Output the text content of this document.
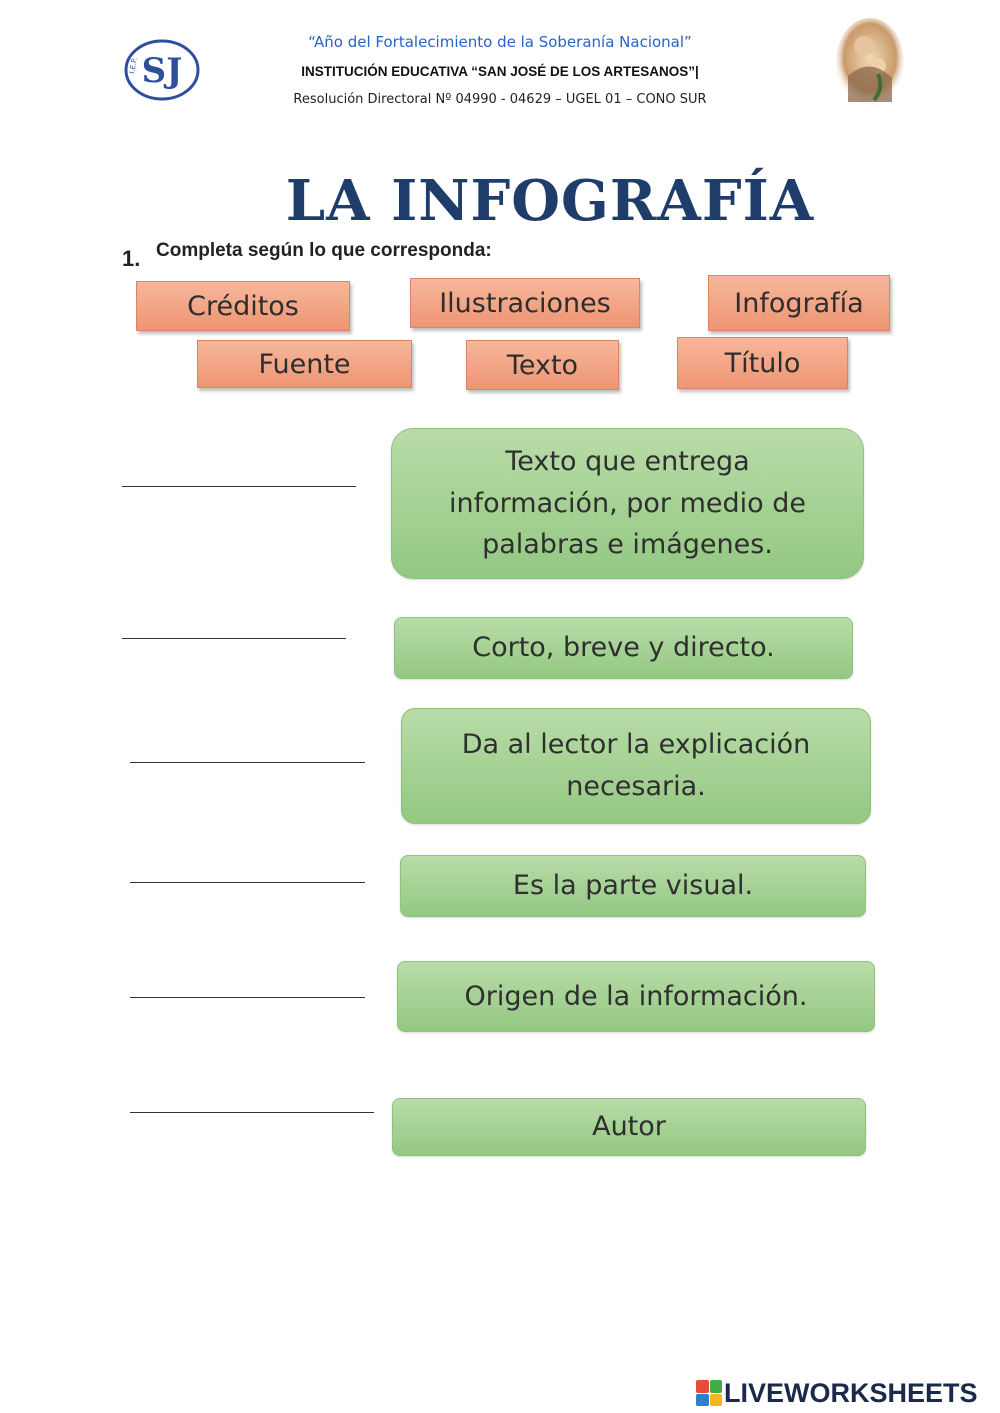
SJ
I.E.P.
“Año del Fortalecimiento de la Soberanía Nacional”
INSTITUCIÓN EDUCATIVA “SAN JOSÉ DE LOS ARTESANOS”|
Resolución Directoral Nº 04990 - 04629 – UGEL 01 – CONO SUR
LA INFOGRAFÍA
1. Completa según lo que corresponda:
Créditos	Ilustraciones	Infografía
Fuente	Texto	Título
Texto que entrega información, por medio de palabras e imágenes.
Corto, breve y directo.
Da al lector la explicación necesaria.
Es la parte visual.
Origen de la información.
Autor
LIVEWORKSHEETS
